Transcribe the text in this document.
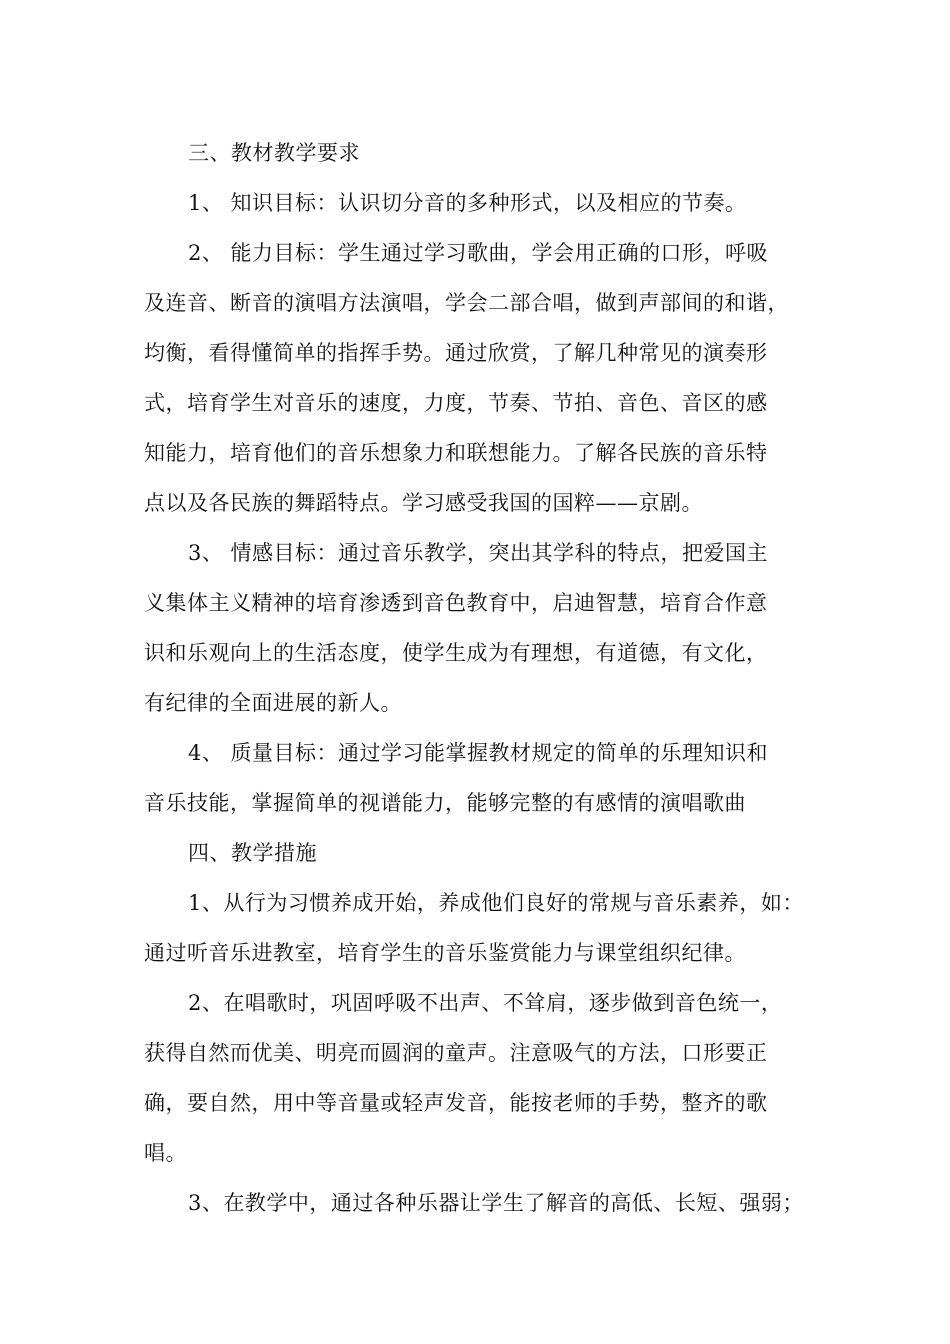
三、教材教学要求
1、 知识目标：认识切分音的多种形式，以及相应的节奏。
2、 能力目标：学生通过学习歌曲，学会用正确的口形，呼吸
及连音、断音的演唱方法演唱，学会二部合唱，做到声部间的和谐，
均衡，看得懂简单的指挥手势。通过欣赏，了解几种常见的演奏形
式，培育学生对音乐的速度，力度，节奏、节拍、音色、音区的感
知能力，培育他们的音乐想象力和联想能力。了解各民族的音乐特
点以及各民族的舞蹈特点。学习感受我国的国粹——京剧。
3、 情感目标：通过音乐教学，突出其学科的特点，把爱国主
义集体主义精神的培育渗透到音色教育中，启迪智慧，培育合作意
识和乐观向上的生活态度，使学生成为有理想，有道德，有文化，
有纪律的全面进展的新人。
4、 质量目标：通过学习能掌握教材规定的简单的乐理知识和
音乐技能，掌握简单的视谱能力，能够完整的有感情的演唱歌曲
四、教学措施
1、从行为习惯养成开始，养成他们良好的常规与音乐素养，如：
通过听音乐进教室，培育学生的音乐鉴赏能力与课堂组织纪律。
2、在唱歌时，巩固呼吸不出声、不耸肩，逐步做到音色统一，
获得自然而优美、明亮而圆润的童声。注意吸气的方法，口形要正
确，要自然，用中等音量或轻声发音，能按老师的手势，整齐的歌
唱。
3、在教学中，通过各种乐器让学生了解音的高低、长短、强弱；
